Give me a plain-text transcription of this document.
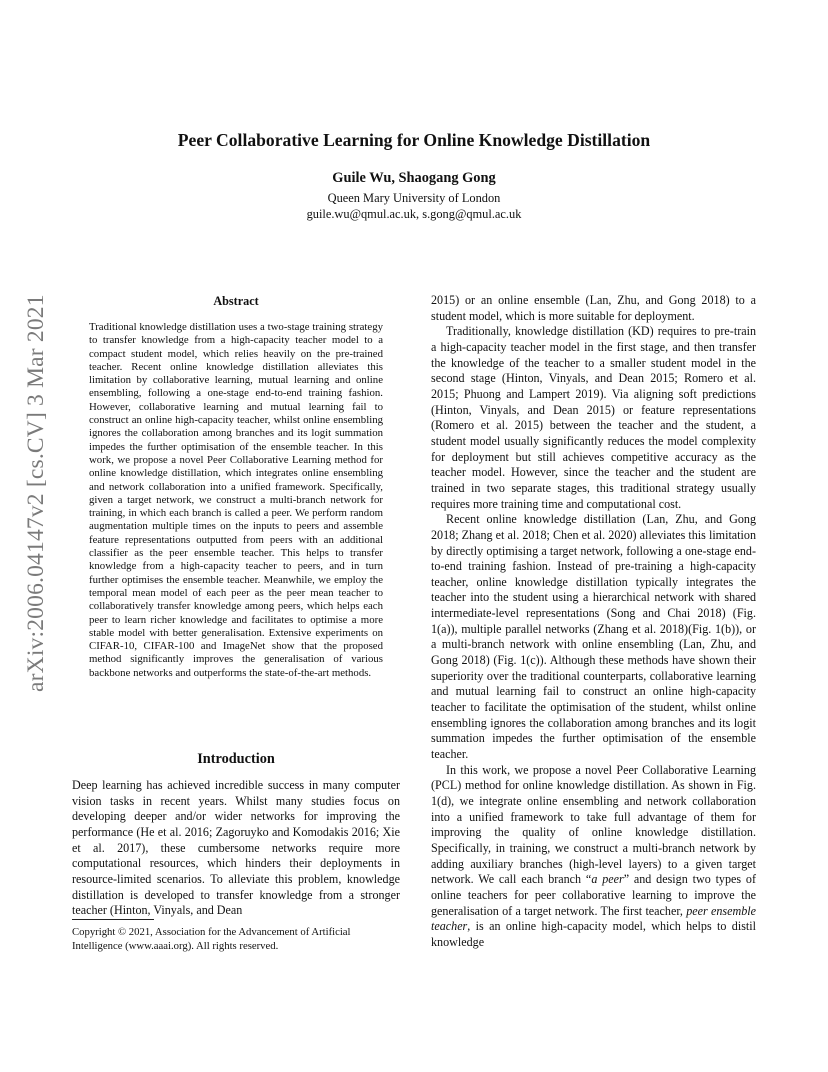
arXiv:2006.04147v2 [cs.CV] 3 Mar 2021
Peer Collaborative Learning for Online Knowledge Distillation
Guile Wu, Shaogang Gong
Queen Mary University of London
guile.wu@qmul.ac.uk, s.gong@qmul.ac.uk
Abstract
Traditional knowledge distillation uses a two-stage training strategy to transfer knowledge from a high-capacity teacher model to a compact student model, which relies heavily on the pre-trained teacher. Recent online knowledge distillation alleviates this limitation by collaborative learning, mutual learning and online ensembling, following a one-stage end-to-end training fashion. However, collaborative learning and mutual learning fail to construct an online high-capacity teacher, whilst online ensembling ignores the collaboration among branches and its logit summation impedes the further optimisation of the ensemble teacher. In this work, we propose a novel Peer Collaborative Learning method for online knowledge distillation, which integrates online ensembling and network collaboration into a unified framework. Specifically, given a target network, we construct a multi-branch network for training, in which each branch is called a peer. We perform random augmentation multiple times on the inputs to peers and assemble feature representations outputted from peers with an additional classifier as the peer ensemble teacher. This helps to transfer knowledge from a high-capacity teacher to peers, and in turn further optimises the ensemble teacher. Meanwhile, we employ the temporal mean model of each peer as the peer mean teacher to collaboratively transfer knowledge among peers, which helps each peer to learn richer knowledge and facilitates to optimise a more stable model with better generalisation. Extensive experiments on CIFAR-10, CIFAR-100 and ImageNet show that the proposed method significantly improves the generalisation of various backbone networks and outperforms the state-of-the-art methods.
Introduction

Deep learning has achieved incredible success in many computer vision tasks in recent years. Whilst many studies focus on developing deeper and/or wider networks for improving the performance (He et al. 2016; Zagoruyko and Komodakis 2016; Xie et al. 2017), these cumbersome networks require more computational resources, which hinders their deployments in resource-limited scenarios. To alleviate this problem, knowledge distillation is developed to transfer knowledge from a stronger teacher (Hinton, Vinyals, and Dean

Copyright © 2021, Association for the Advancement of Artificial Intelligence (www.aaai.org). All rights reserved.

2015) or an online ensemble (Lan, Zhu, and Gong 2018) to a student model, which is more suitable for deployment.

Traditionally, knowledge distillation (KD) requires to pre-train a high-capacity teacher model in the first stage, and then transfer the knowledge of the teacher to a smaller student model in the second stage (Hinton, Vinyals, and Dean 2015; Romero et al. 2015; Phuong and Lampert 2019). Via aligning soft predictions (Hinton, Vinyals, and Dean 2015) or feature representations (Romero et al. 2015) between the teacher and the student, a student model usually significantly reduces the model complexity for deployment but still achieves competitive accuracy as the teacher model. However, since the teacher and the student are trained in two separate stages, this traditional strategy usually requires more training time and computational cost.

Recent online knowledge distillation (Lan, Zhu, and Gong 2018; Zhang et al. 2018; Chen et al. 2020) alleviates this limitation by directly optimising a target network, following a one-stage end-to-end training fashion. Instead of pre-training a high-capacity teacher, online knowledge distillation typically integrates the teacher into the student using a hierarchical network with shared intermediate-level representations (Song and Chai 2018) (Fig. 1(a)), multiple parallel networks (Zhang et al. 2018)(Fig. 1(b)), or a multi-branch network with online ensembling (Lan, Zhu, and Gong 2018) (Fig. 1(c)). Although these methods have shown their superiority over the traditional counterparts, collaborative learning and mutual learning fail to construct an online high-capacity teacher to facilitate the optimisation of the student, whilst online ensembling ignores the collaboration among branches and its logit summation impedes the further optimisation of the ensemble teacher.

In this work, we propose a novel Peer Collaborative Learning (PCL) method for online knowledge distillation. As shown in Fig. 1(d), we integrate online ensembling and network collaboration into a unified framework to take full advantage of them for improving the quality of online knowledge distillation. Specifically, in training, we construct a multi-branch network by adding auxiliary branches (high-level layers) to a given target network. We call each branch “a peer” and design two types of online teachers for peer collaborative learning to improve the generalisation of a target network. The first teacher, peer ensemble teacher, is an online high-capacity model, which helps to distil knowledge
